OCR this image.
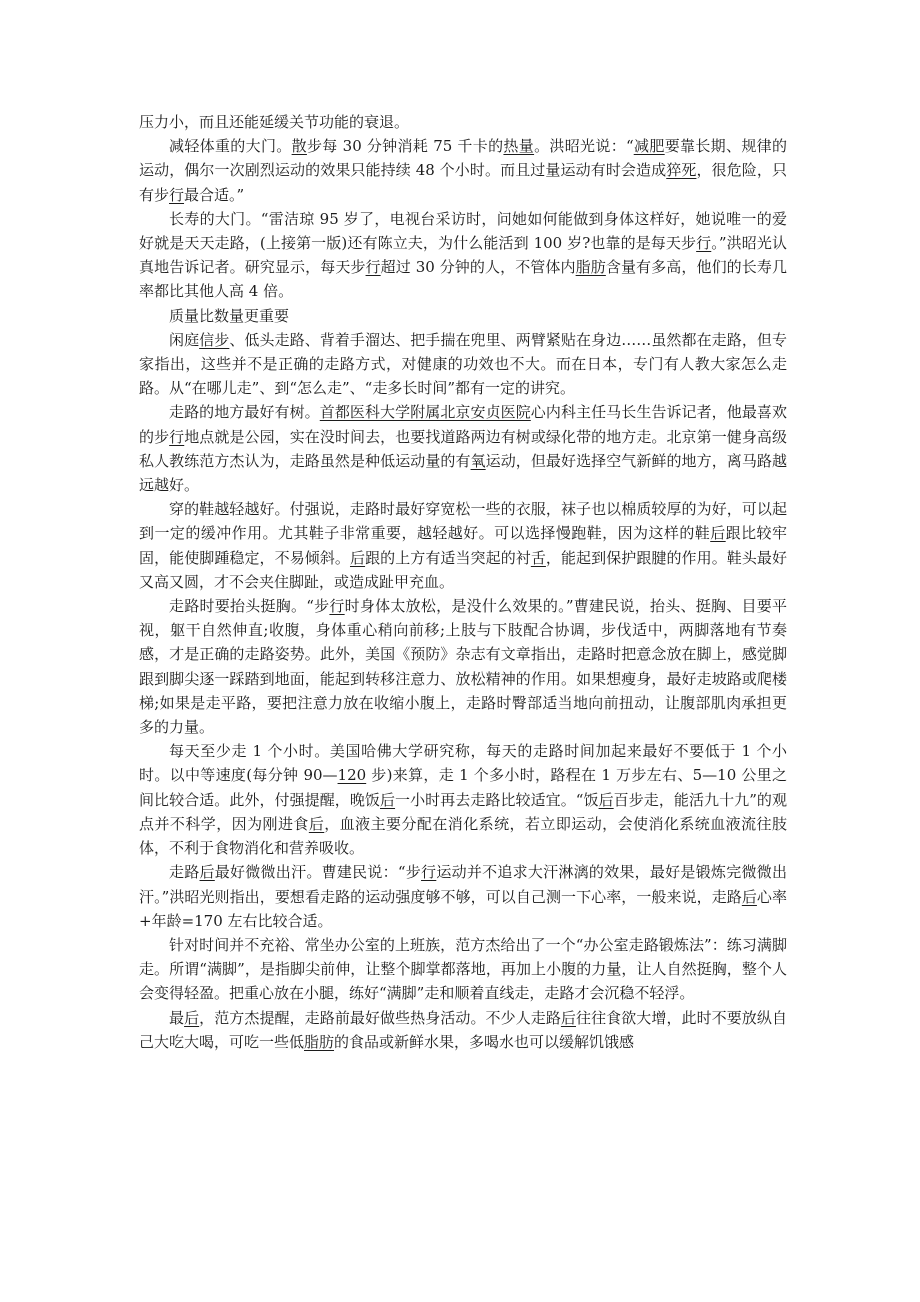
压力小，而且还能延缓关节功能的衰退。

减轻体重的大门。散步每 30 分钟消耗 75 千卡的热量。洪昭光说：“减肥要靠长期、规律的运动，偶尔一次剧烈运动的效果只能持续 48 个小时。而且过量运动有时会造成猝死，很危险，只有步行最合适。”

长寿的大门。“雷洁琼 95 岁了，电视台采访时，问她如何能做到身体这样好，她说唯一的爱好就是天天走路，(上接第一版)还有陈立夫，为什么能活到 100 岁?也靠的是每天步行。”洪昭光认真地告诉记者。研究显示，每天步行超过 30 分钟的人，不管体内脂肪含量有多高，他们的长寿几率都比其他人高 4 倍。

质量比数量更重要

闲庭信步、低头走路、背着手溜达、把手揣在兜里、两臂紧贴在身边……虽然都在走路，但专家指出，这些并不是正确的走路方式，对健康的功效也不大。而在日本，专门有人教大家怎么走路。从“在哪儿走”、到“怎么走”、“走多长时间”都有一定的讲究。

走路的地方最好有树。首都医科大学附属北京安贞医院心内科主任马长生告诉记者，他最喜欢的步行地点就是公园，实在没时间去，也要找道路两边有树或绿化带的地方走。北京第一健身高级私人教练范方杰认为，走路虽然是种低运动量的有氧运动，但最好选择空气新鲜的地方，离马路越远越好。

穿的鞋越轻越好。付强说，走路时最好穿宽松一些的衣服，袜子也以棉质较厚的为好，可以起到一定的缓冲作用。尤其鞋子非常重要，越轻越好。可以选择慢跑鞋，因为这样的鞋后跟比较牢固，能使脚踵稳定，不易倾斜。后跟的上方有适当突起的衬舌，能起到保护跟腱的作用。鞋头最好又高又圆，才不会夹住脚趾，或造成趾甲充血。

走路时要抬头挺胸。“步行时身体太放松，是没什么效果的。”曹建民说，抬头、挺胸、目要平视，躯干自然伸直;收腹，身体重心稍向前移;上肢与下肢配合协调，步伐适中，两脚落地有节奏感，才是正确的走路姿势。此外，美国《预防》杂志有文章指出，走路时把意念放在脚上，感觉脚跟到脚尖逐一踩踏到地面，能起到转移注意力、放松精神的作用。如果想瘦身，最好走坡路或爬楼梯;如果是走平路，要把注意力放在收缩小腹上，走路时臀部适当地向前扭动，让腹部肌肉承担更多的力量。

每天至少走 1 个小时。美国哈佛大学研究称，每天的走路时间加起来最好不要低于 1 个小时。以中等速度(每分钟 90—120 步)来算，走 1 个多小时，路程在 1 万步左右、5—10 公里之间比较合适。此外，付强提醒，晚饭后一小时再去走路比较适宜。“饭后百步走，能活九十九”的观点并不科学，因为刚进食后，血液主要分配在消化系统，若立即运动，会使消化系统血液流往肢体，不利于食物消化和营养吸收。

走路后最好微微出汗。曹建民说：“步行运动并不追求大汗淋漓的效果，最好是锻炼完微微出汗。”洪昭光则指出，要想看走路的运动强度够不够，可以自己测一下心率，一般来说，走路后心率+年龄=170 左右比较合适。

针对时间并不充裕、常坐办公室的上班族，范方杰给出了一个“办公室走路锻炼法”：练习满脚走。所谓“满脚”，是指脚尖前伸，让整个脚掌都落地，再加上小腹的力量，让人自然挺胸，整个人会变得轻盈。把重心放在小腿，练好“满脚”走和顺着直线走，走路才会沉稳不轻浮。

最后，范方杰提醒，走路前最好做些热身活动。不少人走路后往往食欲大增，此时不要放纵自己大吃大喝，可吃一些低脂肪的食品或新鲜水果，多喝水也可以缓解饥饿感
